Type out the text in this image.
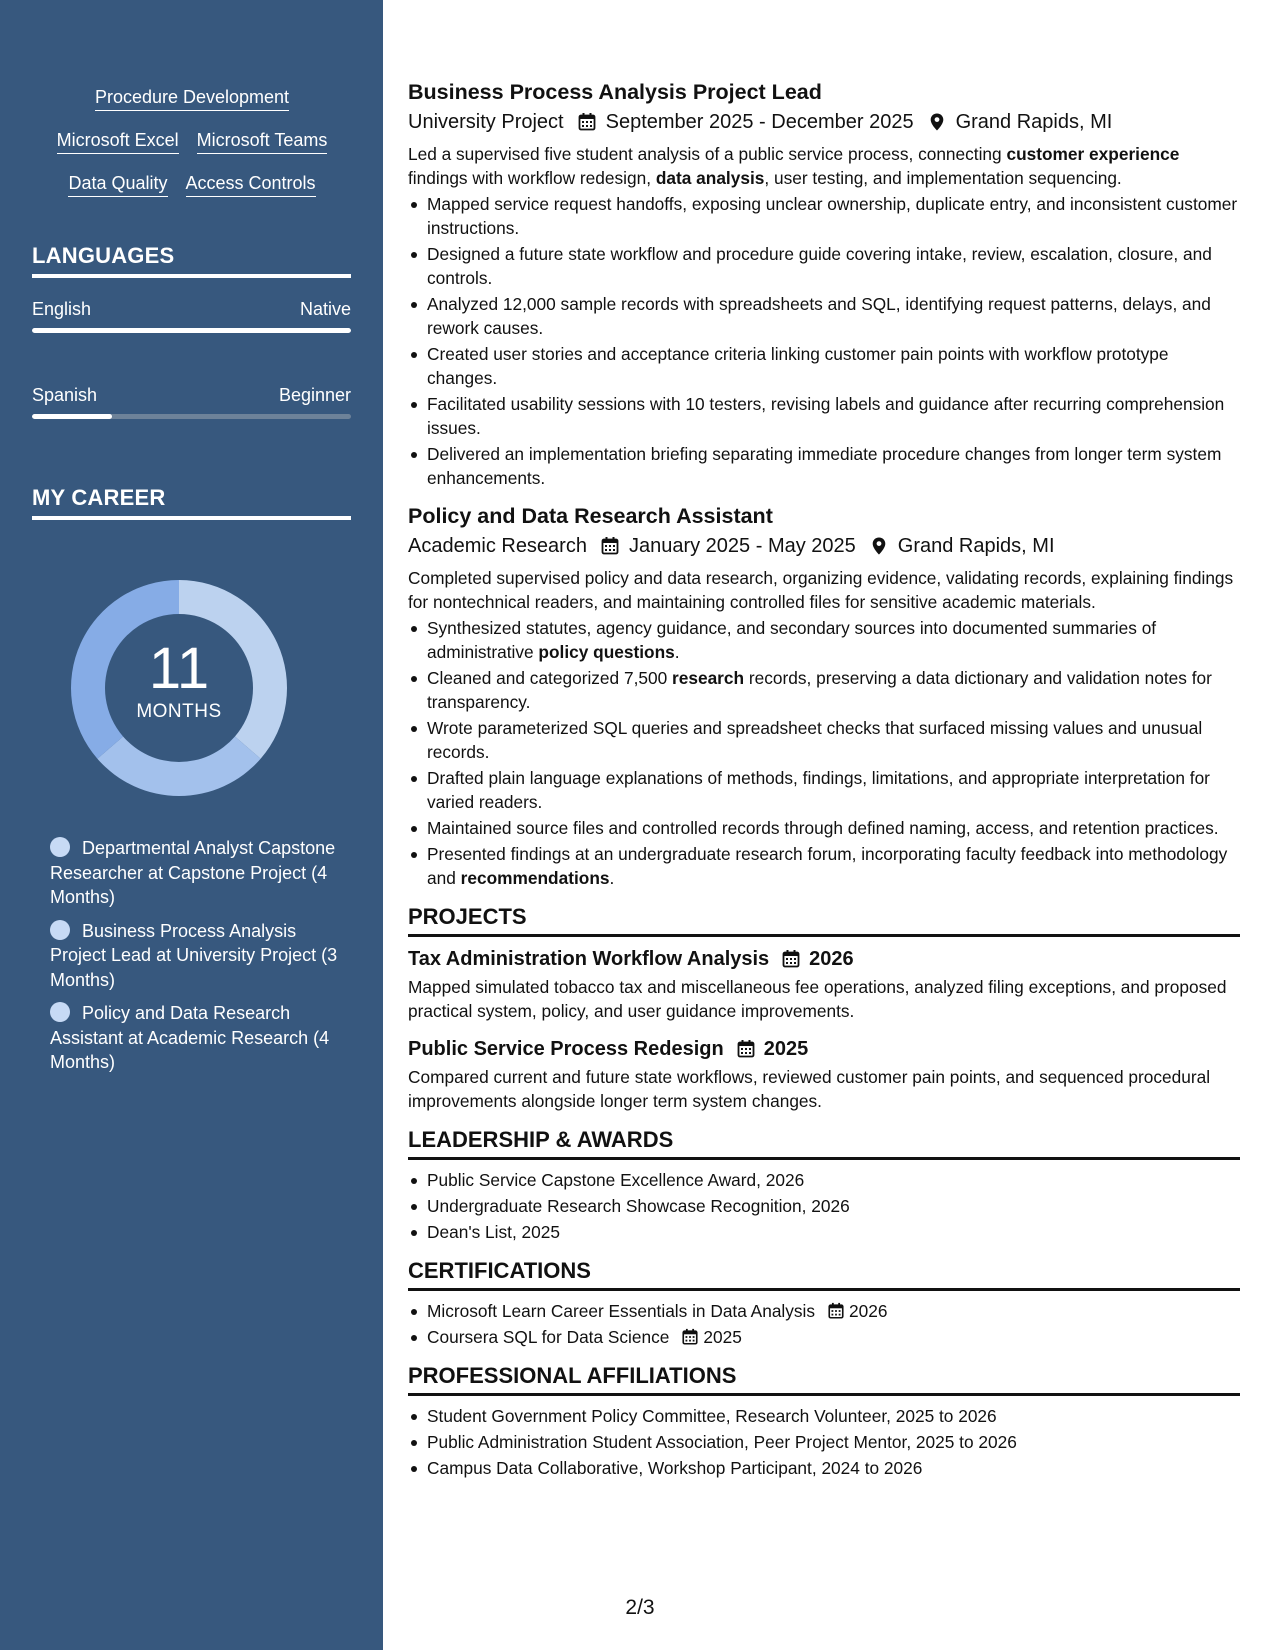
Procedure Development
Microsoft Excel Microsoft Teams
Data Quality Access Controls
LANGUAGES
English	Native
Spanish	Beginner
MY CAREER
11
MONTHS
Departmental Analyst Capstone Researcher at Capstone Project (4 Months)
Business Process Analysis Project Lead at University Project (3 Months)
Policy and Data Research Assistant at Academic Research (4 Months)
Business Process Analysis Project Lead
University Project September 2025 - December 2025 Grand Rapids, MI
Led a supervised five student analysis of a public service process, connecting customer experience findings with workflow redesign, data analysis, user testing, and implementation sequencing.
Mapped service request handoffs, exposing unclear ownership, duplicate entry, and inconsistent customer instructions.
Designed a future state workflow and procedure guide covering intake, review, escalation, closure, and controls.
Analyzed 12,000 sample records with spreadsheets and SQL, identifying request patterns, delays, and rework causes.
Created user stories and acceptance criteria linking customer pain points with workflow prototype changes.
Facilitated usability sessions with 10 testers, revising labels and guidance after recurring comprehension issues.
Delivered an implementation briefing separating immediate procedure changes from longer term system enhancements.
Policy and Data Research Assistant
Academic Research January 2025 - May 2025 Grand Rapids, MI
Completed supervised policy and data research, organizing evidence, validating records, explaining findings for nontechnical readers, and maintaining controlled files for sensitive academic materials.
Synthesized statutes, agency guidance, and secondary sources into documented summaries of administrative policy questions.
Cleaned and categorized 7,500 research records, preserving a data dictionary and validation notes for transparency.
Wrote parameterized SQL queries and spreadsheet checks that surfaced missing values and unusual records.
Drafted plain language explanations of methods, findings, limitations, and appropriate interpretation for varied readers.
Maintained source files and controlled records through defined naming, access, and retention practices.
Presented findings at an undergraduate research forum, incorporating faculty feedback into methodology and recommendations.
PROJECTS
Tax Administration Workflow Analysis 2026
Mapped simulated tobacco tax and miscellaneous fee operations, analyzed filing exceptions, and proposed practical system, policy, and user guidance improvements.
Public Service Process Redesign 2025
Compared current and future state workflows, reviewed customer pain points, and sequenced procedural improvements alongside longer term system changes.
LEADERSHIP & AWARDS
Public Service Capstone Excellence Award, 2026
Undergraduate Research Showcase Recognition, 2026
Dean's List, 2025
CERTIFICATIONS
Microsoft Learn Career Essentials in Data Analysis 2026
Coursera SQL for Data Science 2025
PROFESSIONAL AFFILIATIONS
Student Government Policy Committee, Research Volunteer, 2025 to 2026
Public Administration Student Association, Peer Project Mentor, 2025 to 2026
Campus Data Collaborative, Workshop Participant, 2024 to 2026
2/3
